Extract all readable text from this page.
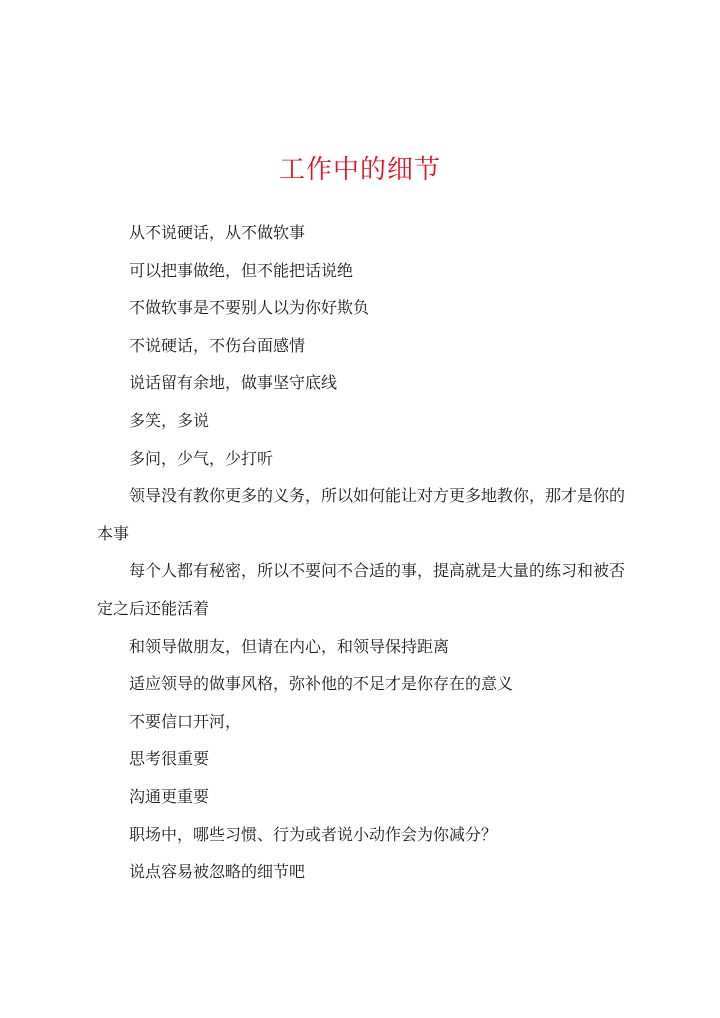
工作中的细节

从不说硬话，从不做软事

可以把事做绝，但不能把话说绝

不做软事是不要别人以为你好欺负

不说硬话，不伤台面感情

说话留有余地，做事坚守底线

多笑，多说

多问，少气，少打听

领导没有教你更多的义务，所以如何能让对方更多地教你，那才是你的本事

每个人都有秘密，所以不要问不合适的事，提高就是大量的练习和被否定之后还能活着

和领导做朋友，但请在内心，和领导保持距离

适应领导的做事风格，弥补他的不足才是你存在的意义

不要信口开河，

思考很重要

沟通更重要

职场中，哪些习惯、行为或者说小动作会为你减分？

说点容易被忽略的细节吧
